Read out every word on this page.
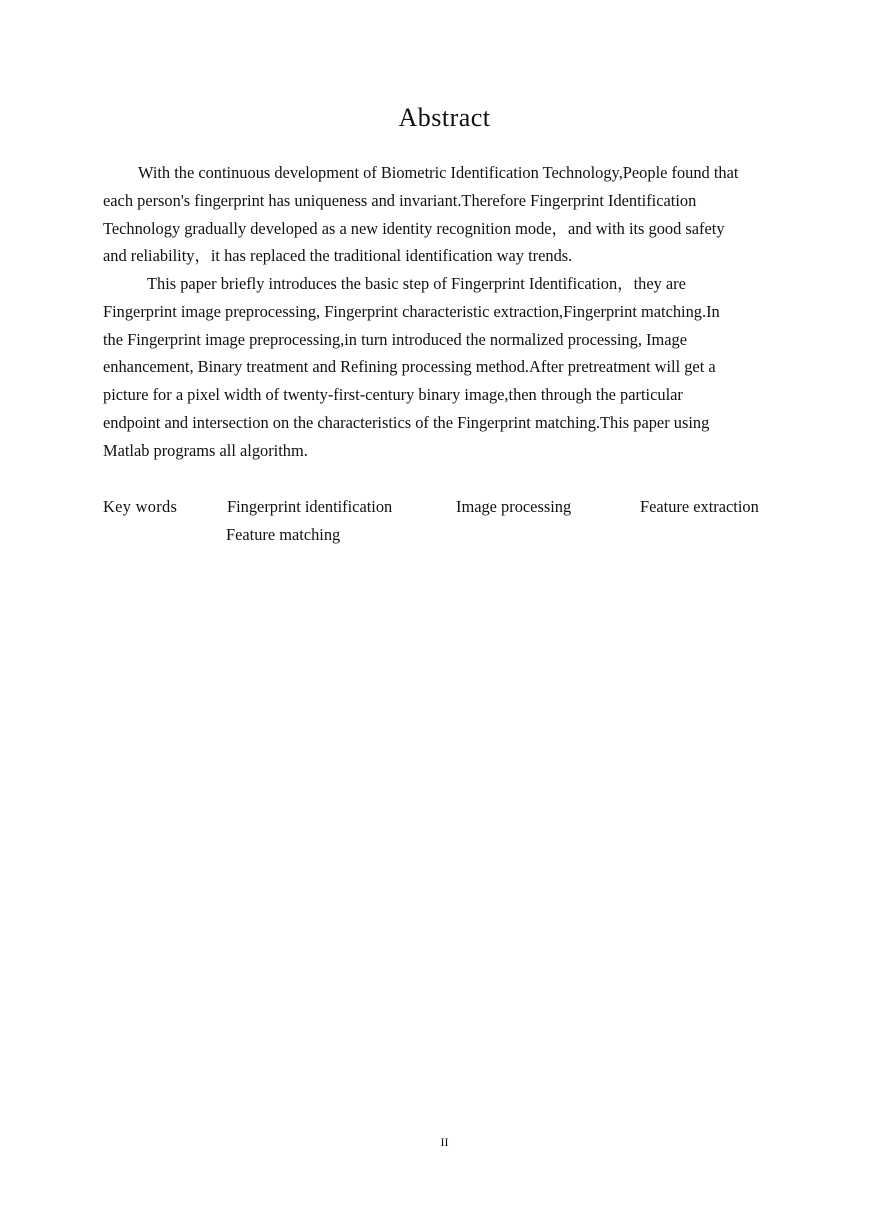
Abstract
With the continuous development of Biometric Identification Technology,People found that
each person's fingerprint has uniqueness and invariant.Therefore Fingerprint Identification
Technology gradually developed as a new identity recognition mode，and with its good safety
and reliability，it has replaced the traditional identification way trends.
This paper briefly introduces the basic step of Fingerprint Identification，they are
Fingerprint image preprocessing, Fingerprint characteristic extraction,Fingerprint matching.In
the Fingerprint image preprocessing,in turn introduced the normalized processing, Image
enhancement, Binary treatment and Refining processing method.After pretreatment will get a
picture for a pixel width of twenty-first-century binary image,then through the particular
endpoint and intersection on the characteristics of the Fingerprint matching.This paper using
Matlab programs all algorithm.
Key words	Fingerprint identification	Image processing	Feature extraction
Feature matching
II
